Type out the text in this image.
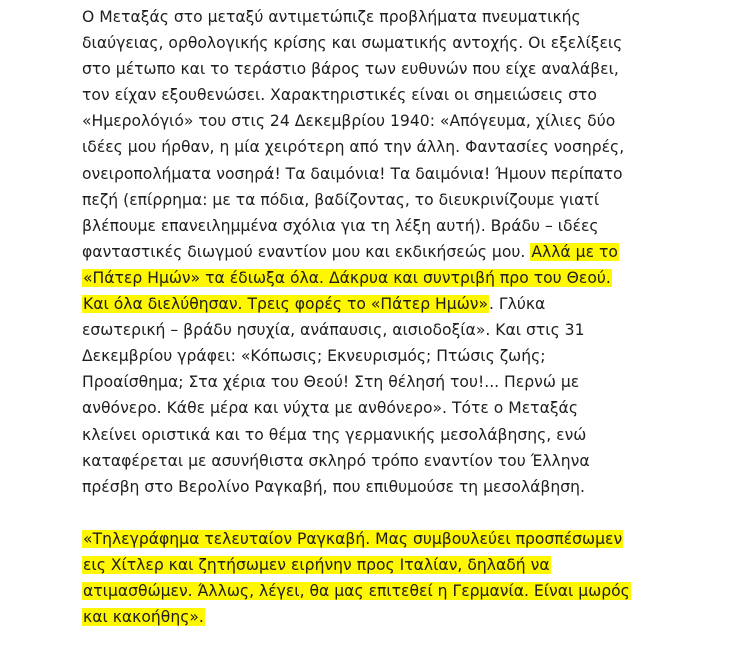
Ο Μεταξάς στο μεταξύ αντιμετώπιζε προβλήματα πνευματικής
διαύγειας, ορθολογικής κρίσης και σωματικής αντοχής. Οι εξελίξεις
στο μέτωπο και το τεράστιο βάρος των ευθυνών που είχε αναλάβει,
τον είχαν εξουθενώσει. Χαρακτηριστικές είναι οι σημειώσεις στο
«Ημερολόγιό» του στις 24 Δεκεμβρίου 1940: «Απόγευμα, χίλιες δύο
ιδέες μου ήρθαν, η μία χειρότερη από την άλλη. Φαντασίες νοσηρές,
ονειροπολήματα νοσηρά! Τα δαιμόνια! Τα δαιμόνια! Ήμουν περίπατο
πεζή (επίρρημα: με τα πόδια, βαδίζοντας, το διευκρινίζουμε γιατί
βλέπουμε επανειλημμένα σχόλια για τη λέξη αυτή). Βράδυ – ιδέες
φανταστικές διωγμού εναντίον μου και εκδικήσεώς μου. Αλλά με το
«Πάτερ Ημών» τα έδιωξα όλα. Δάκρυα και συντριβή προ του Θεού.
Και όλα διελύθησαν. Τρεις φορές το «Πάτερ Ημών». Γλύκα
εσωτερική – βράδυ ησυχία, ανάπαυσις, αισιοδοξία». Και στις 31
Δεκεμβρίου γράφει: «Κόπωσις; Εκνευρισμός; Πτώσις ζωής;
Προαίσθημα; Στα χέρια του Θεού! Στη θέλησή του!... Περνώ με
ανθόνερο. Κάθε μέρα και νύχτα με ανθόνερο». Τότε ο Μεταξάς
κλείνει οριστικά και το θέμα της γερμανικής μεσολάβησης, ενώ
καταφέρεται με ασυνήθιστα σκληρό τρόπο εναντίον του Έλληνα
πρέσβη στο Βερολίνο Ραγκαβή, που επιθυμούσε τη μεσολάβηση.

«Τηλεγράφημα τελευταίον Ραγκαβή. Μας συμβουλεύει προσπέσωμεν
εις Χίτλερ και ζητήσωμεν ειρήνην προς Ιταλίαν, δηλαδή να
ατιμασθώμεν. Άλλως, λέγει, θα μας επιτεθεί η Γερμανία. Είναι μωρός
και κακοήθης».
